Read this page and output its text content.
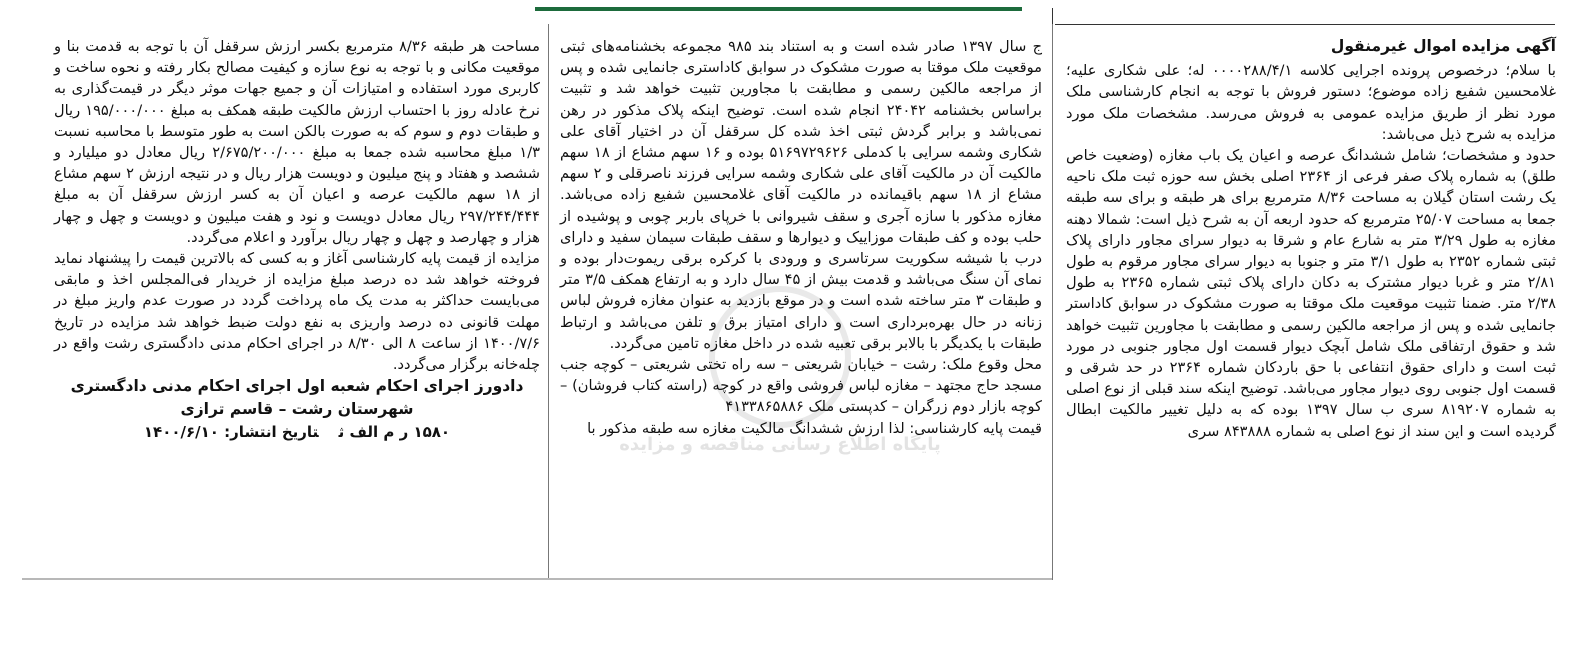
پایگاه اطلاع رسانی مناقصه و مزایده

آگهی مزایده اموال غیرمنقول

با سلام؛ درخصوص پرونده اجرایی کلاسه ۰۰۰۰۲۸۸/۴/۱ له؛ علی شکاری علیه؛ غلامحسین شفیع زاده موضوع؛ دستور فروش با توجه به انجام کارشناسی ملک مورد نظر از طریق مزایده عمومی به فروش می‌رسد. مشخصات ملک مورد مزایده به شرح ذیل می‌باشد:

حدود و مشخصات؛ شامل ششدانگ عرصه و اعیان یک باب مغازه (وضعیت خاص طلق) به شماره پلاک صفر فرعی از ۲۳۶۴ اصلی بخش سه حوزه ثبت ملک ناحیه یک رشت استان گیلان به مساحت ۸/۳۶ مترمربع برای هر طبقه و برای سه طبقه جمعا به مساحت ۲۵/۰۷ مترمربع که حدود اربعه آن به شرح ذیل است: شمالا دهنه مغازه به طول ۳/۲۹ متر به شارع عام و شرقا به دیوار سرای مجاور دارای پلاک ثبتی شماره ۲۳۵۲ به طول ۳/۱ متر و جنوبا به دیوار سرای مجاور مرقوم به طول ۲/۸۱ متر و غربا دیوار مشترک به دکان دارای پلاک ثبتی شماره ۲۳۶۵ به طول ۲/۳۸ متر. ضمنا تثبیت موقعیت ملک موقتا به صورت مشکوک در سوابق کاداستر جانمایی شده و پس از مراجعه مالکین رسمی و مطابقت با مجاورین تثبیت خواهد شد و حقوق ارتفاقی ملک شامل آبچک دیوار قسمت اول مجاور جنوبی در مورد ثبت است و دارای حقوق انتفاعی با حق باردکان شماره ۲۳۶۴ در حد شرقی و قسمت اول جنوبی روی دیوار مجاور می‌باشد. توضیح اینکه سند قبلی از نوع اصلی به شماره ۸۱۹۲۰۷ سری ب سال ۱۳۹۷ بوده که به دلیل تغییر مالکیت ابطال گردیده است و این سند از نوع اصلی به شماره ۸۴۳۸۸۸ سری

ج سال ۱۳۹۷ صادر شده است و به استناد بند ۹۸۵ مجموعه بخشنامه‌های ثبتی موقعیت ملک موقتا به صورت مشکوک در سوابق کاداستری جانمایی شده و پس از مراجعه مالکین رسمی و مطابقت با مجاورین تثبیت خواهد شد و تثبیت براساس بخشنامه ۲۴۰۴۲ انجام شده است. توضیح اینکه پلاک مذکور در رهن نمی‌باشد و برابر گردش ثبتی اخذ شده کل سرقفل آن در اختیار آقای علی شکاری وشمه سرایی با کدملی ۵۱۶۹۷۲۹۶۲۶ بوده و ۱۶ سهم مشاع از ۱۸ سهم مالکیت آن در مالکیت آقای علی شکاری وشمه سرایی فرزند ناصرقلی و ۲ سهم مشاع از ۱۸ سهم باقیمانده در مالکیت آقای غلامحسین شفیع زاده می‌باشد. مغازه مذکور با سازه آجری و سقف شیروانی با خرپای باربر چوبی و پوشیده از حلب بوده و کف طبقات موزاییک و دیوارها و سقف طبقات سیمان سفید و دارای درب با شیشه سکوریت سرتاسری و ورودی با کرکره برقی ریموت‌دار بوده و نمای آن سنگ می‌باشد و قدمت بیش از ۴۵ سال دارد و به ارتفاع همکف ۳/۵ متر و طبقات ۳ متر ساخته شده است و در موقع بازدید به عنوان مغازه فروش لباس زنانه در حال بهره‌برداری است و دارای امتیاز برق و تلفن می‌باشد و ارتباط طبقات با یکدیگر با بالابر برقی تعبیه شده در داخل مغازه تامین می‌گردد.

محل وقوع ملک: رشت – خیابان شریعتی – سه راه تختی شریعتی – کوچه جنب مسجد حاج مجتهد – مغازه لباس فروشی واقع در کوچه (راسته کتاب فروشان) – کوچه بازار دوم زرگران – کدپستی ملک ۴۱۳۳۸۶۵۸۸۶

قیمت پایه کارشناسی: لذا ارزش ششدانگ مالکیت مغازه سه طبقه مذکور با

مساحت هر طبقه ۸/۳۶ مترمربع بکسر ارزش سرقفل آن با توجه به قدمت بنا و موقعیت مکانی و با توجه به نوع سازه و کیفیت مصالح بکار رفته و نحوه ساخت و کاربری مورد استفاده و امتیازات آن و جمیع جهات موثر دیگر در قیمت‌گذاری به نرخ عادله روز با احتساب ارزش مالکیت طبقه همکف به مبلغ ۱۹۵/۰۰۰/۰۰۰ ریال و طبقات دوم و سوم که به صورت بالکن است به طور متوسط با محاسبه نسبت ۱/۳ مبلغ محاسبه شده جمعا به مبلغ ۲/۶۷۵/۲۰۰/۰۰۰ ریال معادل دو میلیارد و ششصد و هفتاد و پنج میلیون و دویست هزار ریال و در نتیجه ارزش ۲ سهم مشاع از ۱۸ سهم مالکیت عرصه و اعیان آن به کسر ارزش سرقفل آن به مبلغ ۲۹۷/۲۴۴/۴۴۴ ریال معادل دویست و نود و هفت میلیون و دویست و چهل و چهار هزار و چهارصد و چهل و چهار ریال برآورد و اعلام می‌گردد.

مزایده از قیمت پایه کارشناسی آغاز و به کسی که بالاترین قیمت را پیشنهاد نماید فروخته خواهد شد ده درصد مبلغ مزایده از خریدار فی‌المجلس اخذ و مابقی می‌بایست حداکثر به مدت یک ماه پرداخت گردد در صورت عدم واریز مبلغ در مهلت قانونی ده درصد واریزی به نفع دولت ضبط خواهد شد مزایده در تاریخ ۱۴۰۰/۷/۶ از ساعت ۸ الی ۸/۳۰ در اجرای احکام مدنی دادگستری رشت واقع در چله‌خانه برگزار می‌گردد.

دادورز اجرای احکام شعبه اول اجرای احکام مدنی دادگستری

شهرستان رشت – قاسم ترازی

۱۵۸۰ ر م الف ثتاریخ انتشار: ۱۴۰۰/۶/۱۰
